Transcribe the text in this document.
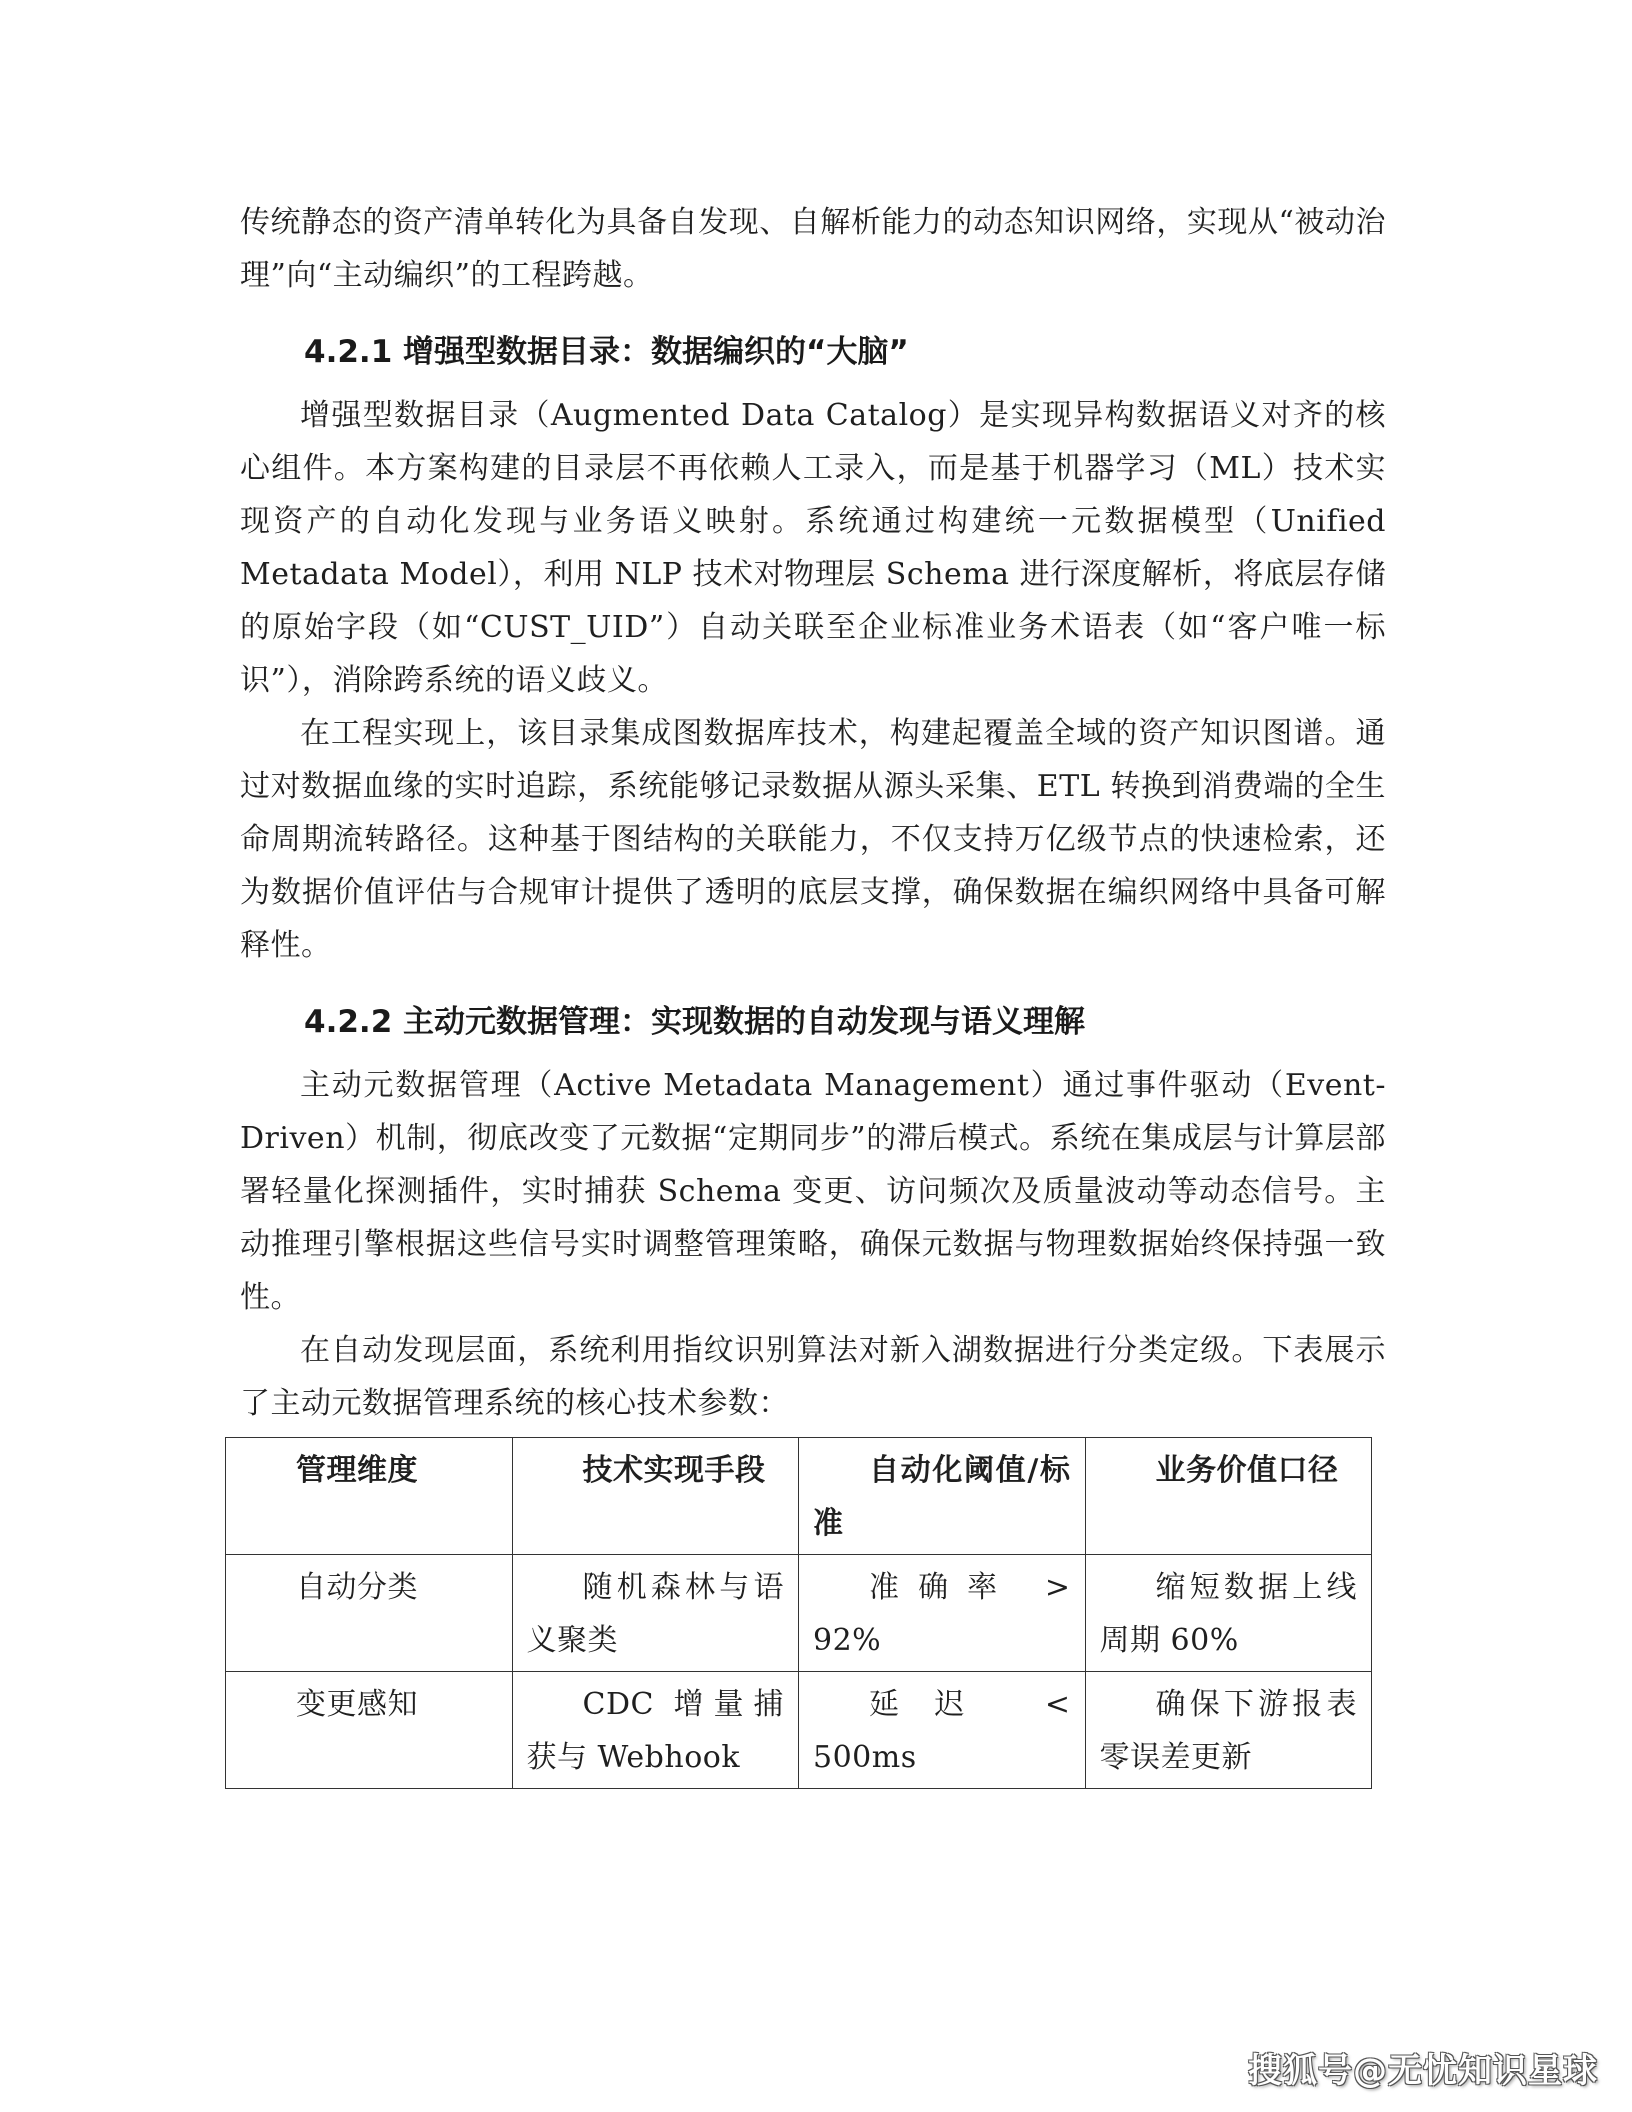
传统静态的资产清单转化为具备自发现、自解析能力的动态知识网络，实现从“被动治理”向“主动编织”的工程跨越。

4.2.1 增强型数据目录：数据编织的“大脑”

增强型数据目录（Augmented Data Catalog）是实现异构数据语义对齐的核心组件。本方案构建的目录层不再依赖人工录入，而是基于机器学习（ML）技术实现资产的自动化发现与业务语义映射。系统通过构建统一元数据模型（Unified Metadata Model），利用 NLP 技术对物理层 Schema 进行深度解析，将底层存储的原始字段（如“CUST_UID”）自动关联至企业标准业务术语表（如“客户唯一标识”），消除跨系统的语义歧义。

在工程实现上，该目录集成图数据库技术，构建起覆盖全域的资产知识图谱。通过对数据血缘的实时追踪，系统能够记录数据从源头采集、ETL 转换到消费端的全生命周期流转路径。这种基于图结构的关联能力，不仅支持万亿级节点的快速检索，还为数据价值评估与合规审计提供了透明的底层支撑，确保数据在编织网络中具备可解释性。

4.2.2 主动元数据管理：实现数据的自动发现与语义理解

主动元数据管理（Active Metadata Management）通过事件驱动（Event-Driven）机制，彻底改变了元数据“定期同步”的滞后模式。系统在集成层与计算层部署轻量化探测插件，实时捕获 Schema 变更、访问频次及质量波动等动态信号。主动推理引擎根据这些信号实时调整管理策略，确保元数据与物理数据始终保持强一致性。

在自动发现层面，系统利用指纹识别算法对新入湖数据进行分类定级。下表展示了主动元数据管理系统的核心技术参数：

管理维度	技术实现手段	自动化阈值/标准	业务价值口径

自动分类	随机森林与语义聚类	准确率 > 92%	缩短数据上线周期 60%

变更感知	CDC 增量捕获与 Webhook	延迟 < 500ms	确保下游报表零误差更新
搜狐号@无忧知识星球
